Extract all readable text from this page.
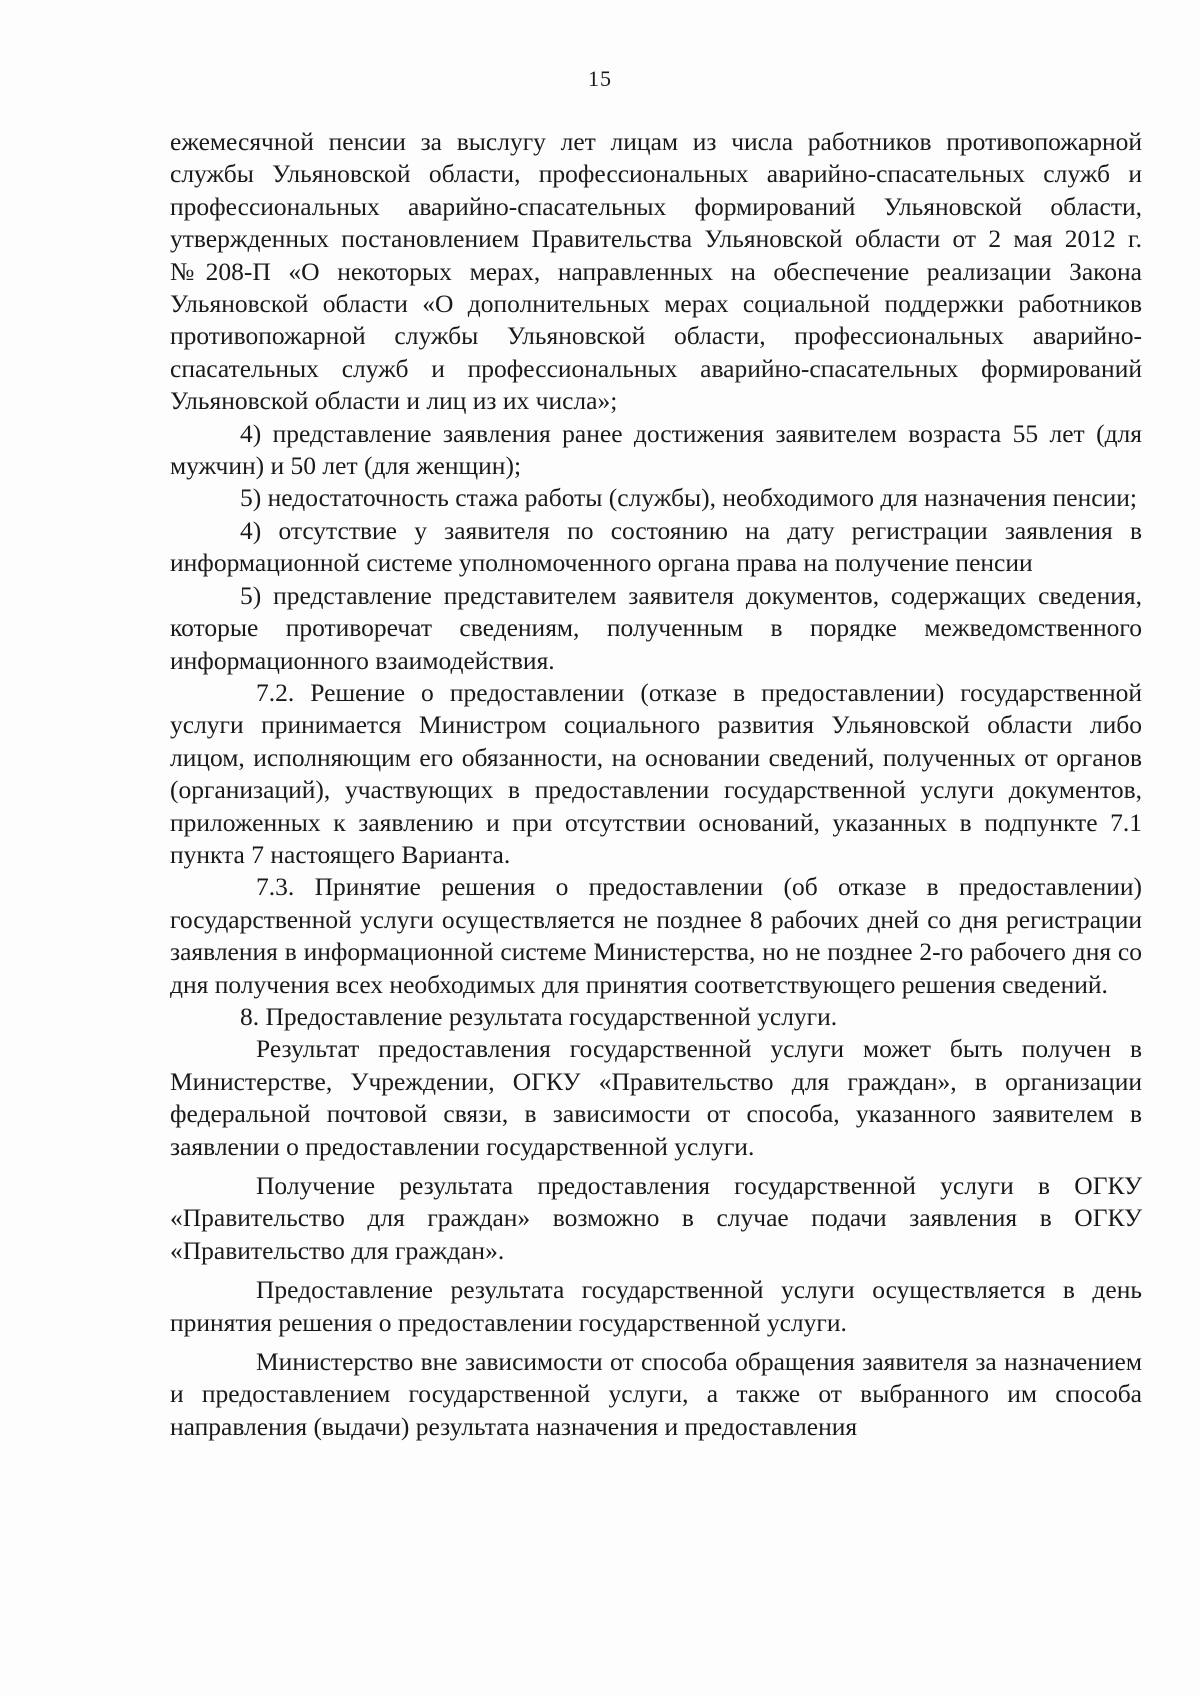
15

ежемесячной пенсии за выслугу лет лицам из числа работников противопожарной службы Ульяновской области, профессиональных аварийно-спасательных служб и профессиональных аварийно-спасательных формирований Ульяновской области, утвержденных постановлением Правительства Ульяновской области от 2 мая 2012 г. №208-П «О некоторых мерах, направленных на обеспечение реализации Закона Ульяновской области «О дополнительных мерах социальной поддержки работников противопожарной службы Ульяновской области, профессиональных аварийно-спасательных служб и профессиональных аварийно-спасательных формирований Ульяновской области и лиц из их числа»;

4) представление заявления ранее достижения заявителем возраста 55 лет (для мужчин) и 50 лет (для женщин);

5) недостаточность стажа работы (службы), необходимого для назначения пенсии;

4) отсутствие у заявителя по состоянию на дату регистрации заявления в информационной системе уполномоченного органа права на получение пенсии

5) представление представителем заявителя документов, содержащих сведения, которые противоречат сведениям, полученным в порядке межведомственного информационного взаимодействия.

7.2. Решение о предоставлении (отказе в предоставлении) государственной услуги принимается Министром социального развития Ульяновской области либо лицом, исполняющим его обязанности, на основании сведений, полученных от органов (организаций), участвующих в предоставлении государственной услуги документов, приложенных к заявлению и при отсутствии оснований, указанных в подпункте 7.1 пункта 7 настоящего Варианта.

7.3. Принятие решения о предоставлении (об отказе в предоставлении) государственной услуги осуществляется не позднее 8 рабочих дней со дня регистрации заявления в информационной системе Министерства, но не позднее 2-го рабочего дня со дня получения всех необходимых для принятия соответствующего решения сведений.

8. Предоставление результата государственной услуги.

Результат предоставления государственной услуги может быть получен в Министерстве, Учреждении, ОГКУ «Правительство для граждан», в организации федеральной почтовой связи, в зависимости от способа, указанного заявителем в заявлении о предоставлении государственной услуги.

Получение результата предоставления государственной услуги в ОГКУ «Правительство для граждан» возможно в случае подачи заявления в ОГКУ «Правительство для граждан».

Предоставление результата государственной услуги осуществляется в день принятия решения о предоставлении государственной услуги.

Министерство вне зависимости от способа обращения заявителя за назначением и предоставлением государственной услуги, а также от выбранного им способа направления (выдачи) результата назначения и предоставления
